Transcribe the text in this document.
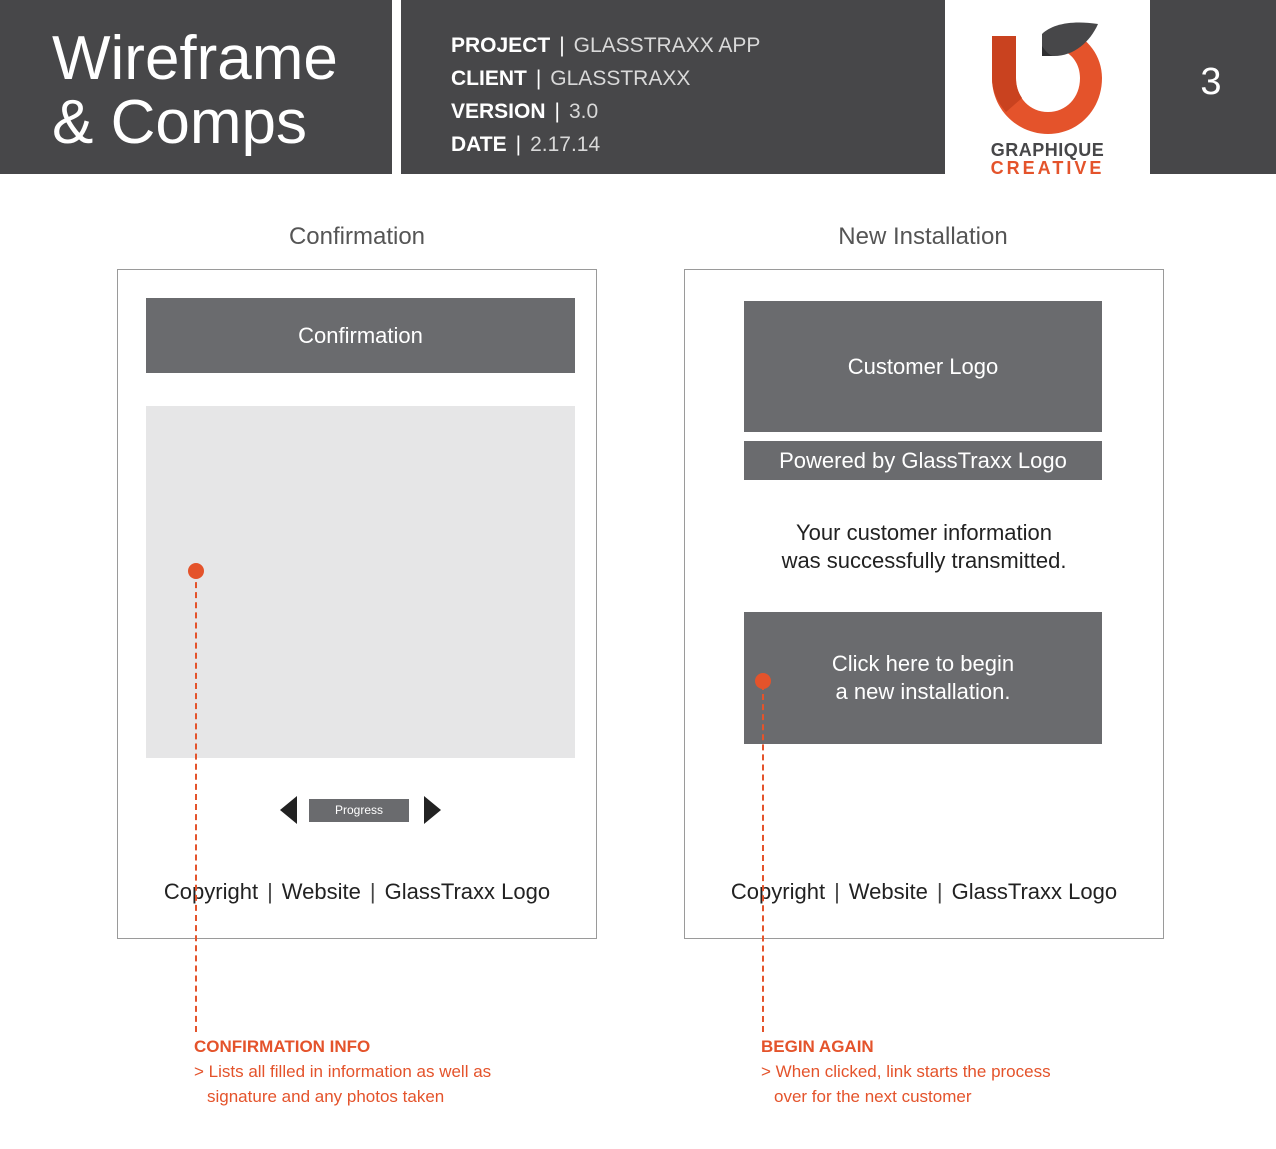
Wireframe
& Comps
PROJECT | GLASSTRAXX APP
CLIENT | GLASSTRAXX
VERSION | 3.0
DATE | 2.17.14	GRAPHIQUE
CREATIVE
3
Confirmation
Confirmation
Progress
Copyright | Website | GlassTraxx Logo
CONFIRMATION INFO
> Lists all filled in information as well as
signature and any photos taken
New Installation
Customer Logo
Powered by GlassTraxx Logo
Your customer information
was successfully transmitted.
Click here to begin
a new installation.
Copyright | Website | GlassTraxx Logo
BEGIN AGAIN
> When clicked, link starts the process
over for the next customer
